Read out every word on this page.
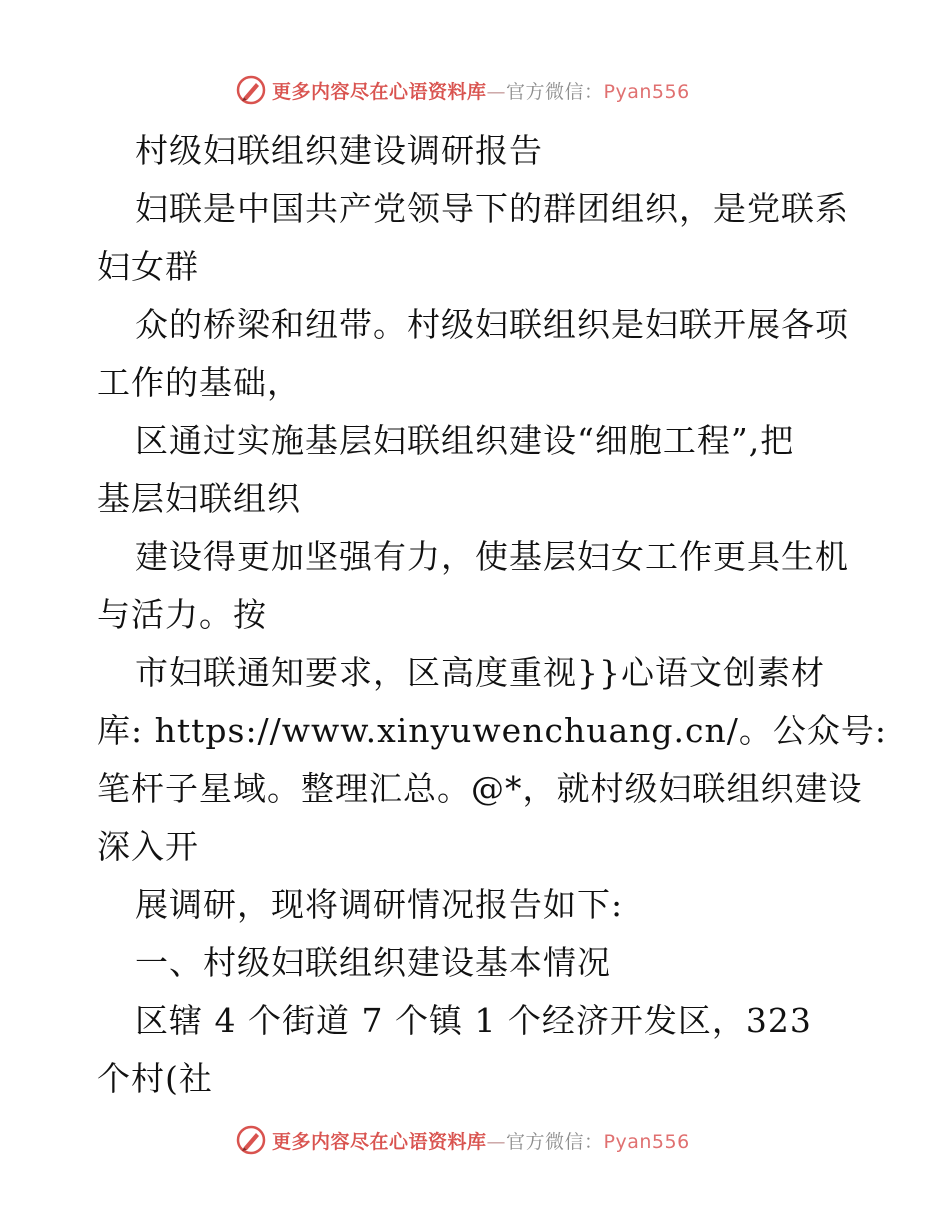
更多内容尽在心语资料库—官方微信：Pyan556
村级妇联组织建设调研报告
妇联是中国共产党领导下的群团组织，是党联系
妇女群
众的桥梁和纽带。村级妇联组织是妇联开展各项
工作的基础，
区通过实施基层妇联组织建设“细胞工程”,把
基层妇联组织
建设得更加坚强有力，使基层妇女工作更具生机
与活力。按
市妇联通知要求，区高度重视}}心语文创素材
库: https://www.xinyuwenchuang.cn/。公众号:
笔杆子星域。整理汇总。@*，就村级妇联组织建设
深入开
展调研，现将调研情况报告如下:
一、村级妇联组织建设基本情况
区辖 4 个街道 7 个镇 1 个经济开发区，323
个村(社
更多内容尽在心语资料库—官方微信：Pyan556
